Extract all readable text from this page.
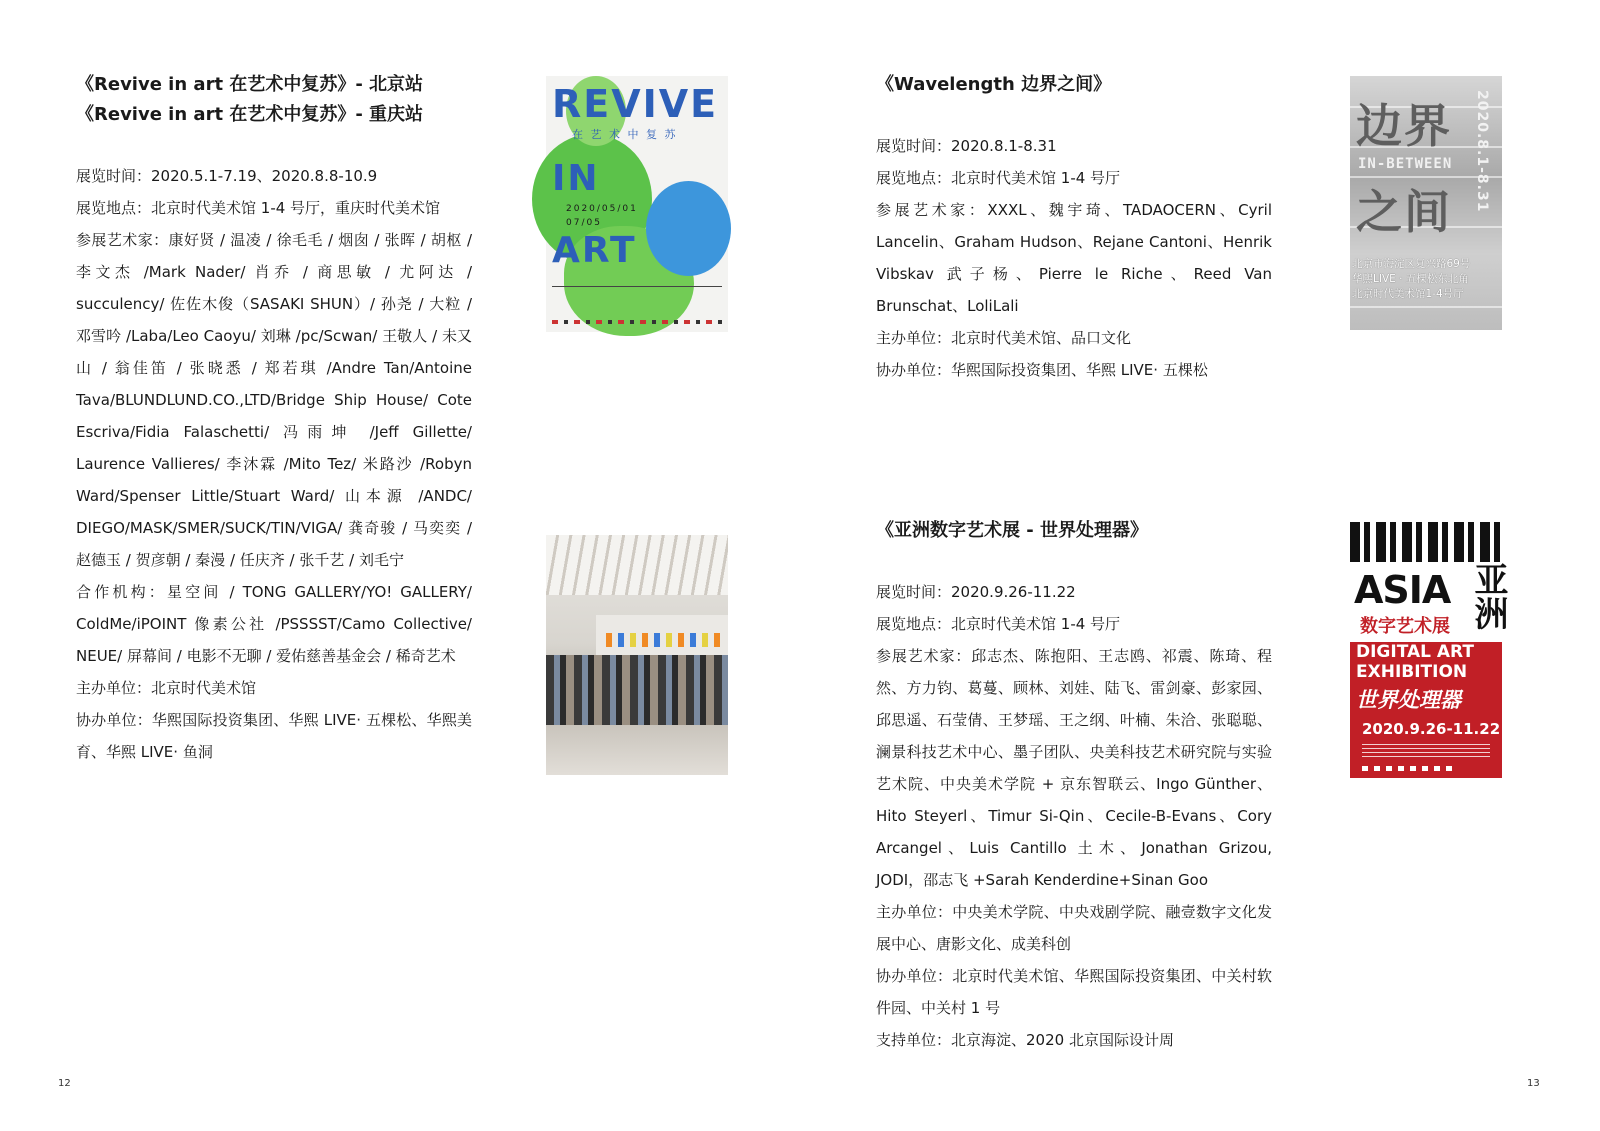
《Revive in art 在艺术中复苏》- 北京站
《Revive in art 在艺术中复苏》- 重庆站
展览时间：2020.5.1-7.19、2020.8.8-10.9
展览地点：北京时代美术馆 1-4 号厅，重庆时代美术馆
参展艺术家：康好贤 / 温凌 / 徐毛毛 / 烟囱 / 张晖 / 胡枢 / 李文杰 /Mark Nader/ 肖乔 / 商思敏 / 尤阿达 / succulency/ 佐佐木俊（SASAKI SHUN）/ 孙尧 / 大粒 / 邓雪吟 /Laba/Leo Caoyu/ 刘琳 /pc/Scwan/ 王敬人 / 未又山 / 翁佳笛 / 张晓悉 / 郑若琪 /Andre Tan/Antoine Tava/BLUNDLUND.CO.,LTD/Bridge Ship House/ Cote Escriva/Fidia Falaschetti/ 冯雨坤 /Jeff Gillette/ Laurence Vallieres/ 李沐霖 /Mito Tez/ 米路沙 /Robyn Ward/Spenser Little/Stuart Ward/ 山本源 /ANDC/ DIEGO/MASK/SMER/SUCK/TIN/VIGA/ 龚奇骏 / 马奕奕 / 赵德玉 / 贺彦朝 / 秦漫 / 任庆齐 / 张千艺 / 刘毛宁
合作机构：星空间 / TONG GALLERY/YO! GALLERY/ ColdMe/iPOINT 像素公社 /PSSSST/Camo Collective/ NEUE/ 屏幕间 / 电影不无聊 / 爱佑慈善基金会 / 稀奇艺术
主办单位：北京时代美术馆
协办单位：华熙国际投资集团、华熙 LIVE· 五棵松、华熙美育、华熙 LIVE· 鱼洞
REVIVE
在 艺 术 中 复 苏
IN
2020/05/01
07/05
ART
《Wavelength 边界之间》
展览时间：2020.8.1-8.31
展览地点：北京时代美术馆 1-4 号厅
参展艺术家：XXXL、魏宇琦、TADAOCERN、Cyril Lancelin、Graham Hudson、Rejane Cantoni、Henrik Vibskav 武子杨、Pierre le Riche、Reed Van Brunschat、LoliLali
主办单位：北京时代美术馆、品口文化
协办单位：华熙国际投资集团、华熙 LIVE· 五棵松
边界
IN-BETWEEN
之间 2020.8.1-8.31
北京市海淀区复兴路69号
华熙LIVE · 五棵松东北角
北京时代美术馆1-4号厅
《亚洲数字艺术展 - 世界处理器》
展览时间：2020.9.26-11.22
展览地点：北京时代美术馆 1-4 号厅
参展艺术家：邱志杰、陈抱阳、王志鸥、祁震、陈琦、程然、方力钧、葛蔓、顾林、刘娃、陆飞、雷剑豪、彭家园、邱思遥、石莹倩、王梦瑶、王之纲、叶楠、朱洽、张聪聪、澜景科技艺术中心、墨子团队、央美科技艺术研究院与实验艺术院、中央美术学院 + 京东智联云、Ingo Günther、Hito Steyerl、Timur Si-Qin、Cecile-B-Evans、Cory Arcangel、Luis Cantillo 土木、Jonathan Grizou, JODI，邵志飞 +Sarah Kenderdine+Sinan Goo
主办单位：中央美术学院、中央戏剧学院、融壹数字文化发展中心、唐影文化、成美科创
协办单位：北京时代美术馆、华熙国际投资集团、中关村软件园、中关村 1 号
支持单位：北京海淀、2020 北京国际设计周
ASIA 亚洲
数字艺术展
DIGITAL ART
EXHIBITION
世界处理器
2020.9.26-11.22
12	13
